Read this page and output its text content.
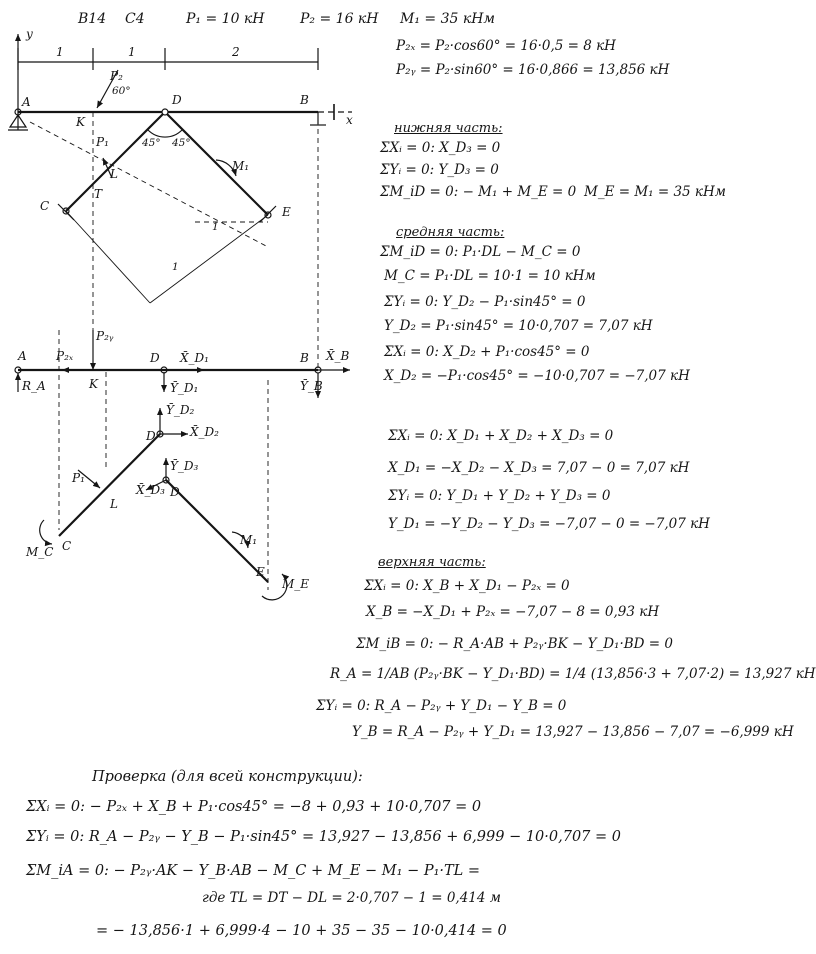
В14 С4	P₁ = 10 кН	P₂ = 16 кН M₁ = 35 кНм
P₂ₓ = P₂·cos60° = 16·0,5 = 8 кН
P₂ᵧ = P₂·sin60° = 16·0,866 = 13,856 кН
1	1	2
y
x
A
K
D	B
T
L
C	E
P₂
60°
P₁
M₁
45° 45°
1
1
A
K
D	B
R_A
P₂ₓ
P₂ᵧ
X̄_D₁
Ȳ_D₁
X̄_B
Ȳ_B
D
Ȳ_D₂
X̄_D₂
Ȳ_D₃
X̄_D₃ D
P₁
L
C
M_C
M₁
E
M_E
нижняя часть:
ΣXᵢ = 0: X_D₃ = 0
ΣYᵢ = 0: Y_D₃ = 0
ΣM_iD = 0: − M₁ + M_E = 0 M_E = M₁ = 35 кНм
средняя часть:
ΣM_iD = 0: P₁·DL − M_C = 0
M_C = P₁·DL = 10·1 = 10 кНм
ΣYᵢ = 0: Y_D₂ − P₁·sin45° = 0
Y_D₂ = P₁·sin45° = 10·0,707 = 7,07 кН
ΣXᵢ = 0: X_D₂ + P₁·cos45° = 0
X_D₂ = −P₁·cos45° = −10·0,707 = −7,07 кН
ΣXᵢ = 0: X_D₁ + X_D₂ + X_D₃ = 0
X_D₁ = −X_D₂ − X_D₃ = 7,07 − 0 = 7,07 кН
ΣYᵢ = 0: Y_D₁ + Y_D₂ + Y_D₃ = 0
Y_D₁ = −Y_D₂ − Y_D₃ = −7,07 − 0 = −7,07 кН
верхняя часть:
ΣXᵢ = 0: X_B + X_D₁ − P₂ₓ = 0
X_B = −X_D₁ + P₂ₓ = −7,07 − 8 = 0,93 кН
ΣM_iB = 0: − R_A·AB + P₂ᵧ·BK − Y_D₁·BD = 0
R_A = 1/AB (P₂ᵧ·BK − Y_D₁·BD) = 1/4 (13,856·3 + 7,07·2) = 13,927 кН
ΣYᵢ = 0: R_A − P₂ᵧ + Y_D₁ − Y_B = 0
Y_B = R_A − P₂ᵧ + Y_D₁ = 13,927 − 13,856 − 7,07 = −6,999 кН
Проверка (для всей конструкции):
ΣXᵢ = 0: − P₂ₓ + X_B + P₁·cos45° = −8 + 0,93 + 10·0,707 = 0
ΣYᵢ = 0: R_A − P₂ᵧ − Y_B − P₁·sin45° = 13,927 − 13,856 + 6,999 − 10·0,707 = 0
ΣM_iA = 0: − P₂ᵧ·AK − Y_B·AB − M_C + M_E − M₁ − P₁·TL =
где TL = DT − DL = 2·0,707 − 1 = 0,414 м
= − 13,856·1 + 6,999·4 − 10 + 35 − 35 − 10·0,414 = 0
